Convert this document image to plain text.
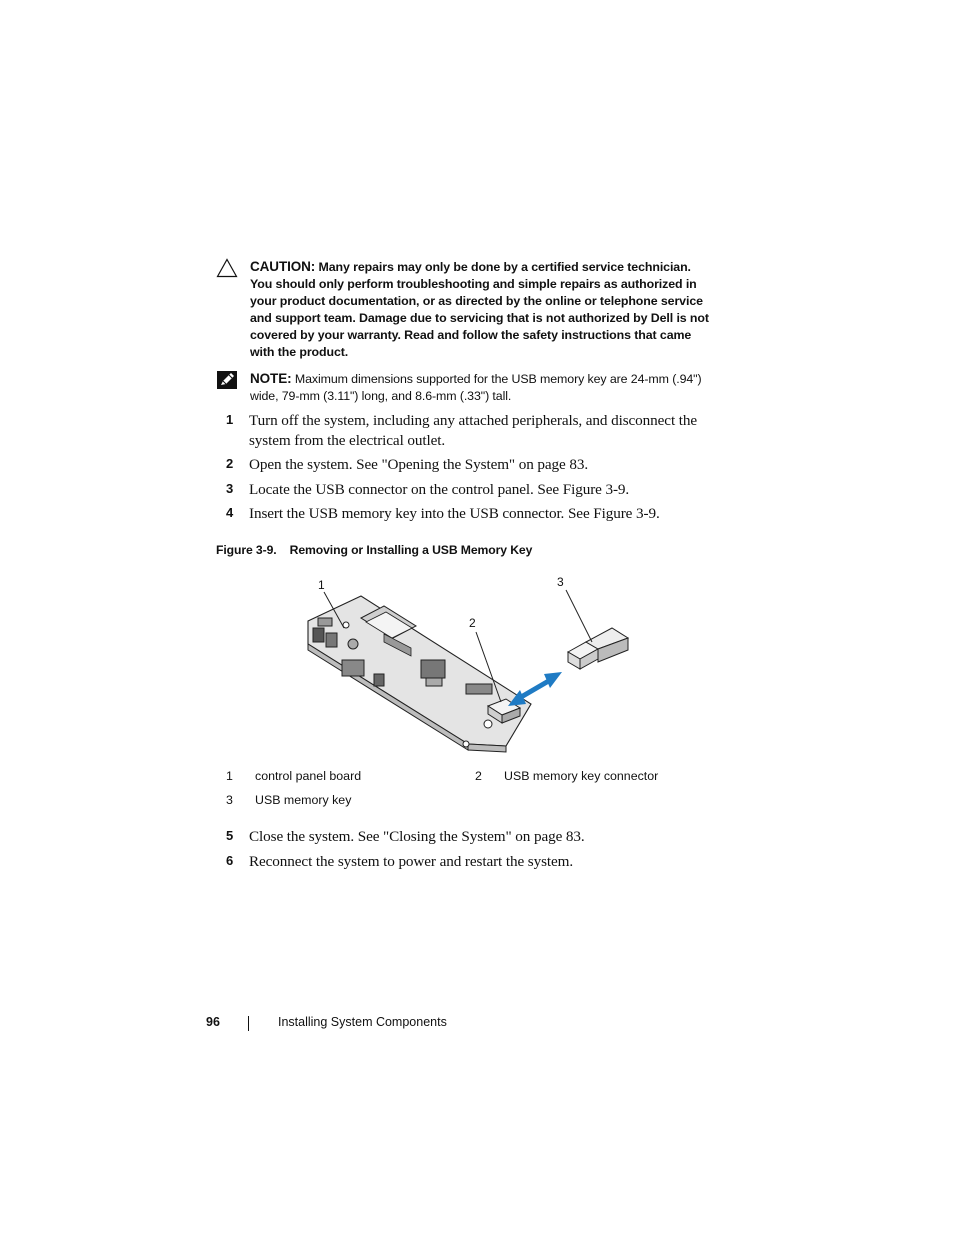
CAUTION: Many repairs may only be done by a certified service technician. You should only perform troubleshooting and simple repairs as authorized in your product documentation, or as directed by the online or telephone service and support team. Damage due to servicing that is not authorized by Dell is not covered by your warranty. Read and follow the safety instructions that came with the product.
NOTE: Maximum dimensions supported for the USB memory key are 24-mm (.94") wide, 79-mm (3.11") long, and 8.6-mm (.33") tall.
1 Turn off the system, including any attached peripherals, and disconnect the system from the electrical outlet.
2 Open the system. See "Opening the System" on page 83.
3 Locate the USB connector on the control panel. See Figure 3-9.
4 Insert the USB memory key into the USB connector. See Figure 3-9.
Figure 3-9.    Removing or Installing a USB Memory Key
1
2
3
1 control panel board	2 USB memory key connector
3 USB memory key
5 Close the system. See "Closing the System" on page 83.
6 Reconnect the system to power and restart the system.
96	Installing System Components
